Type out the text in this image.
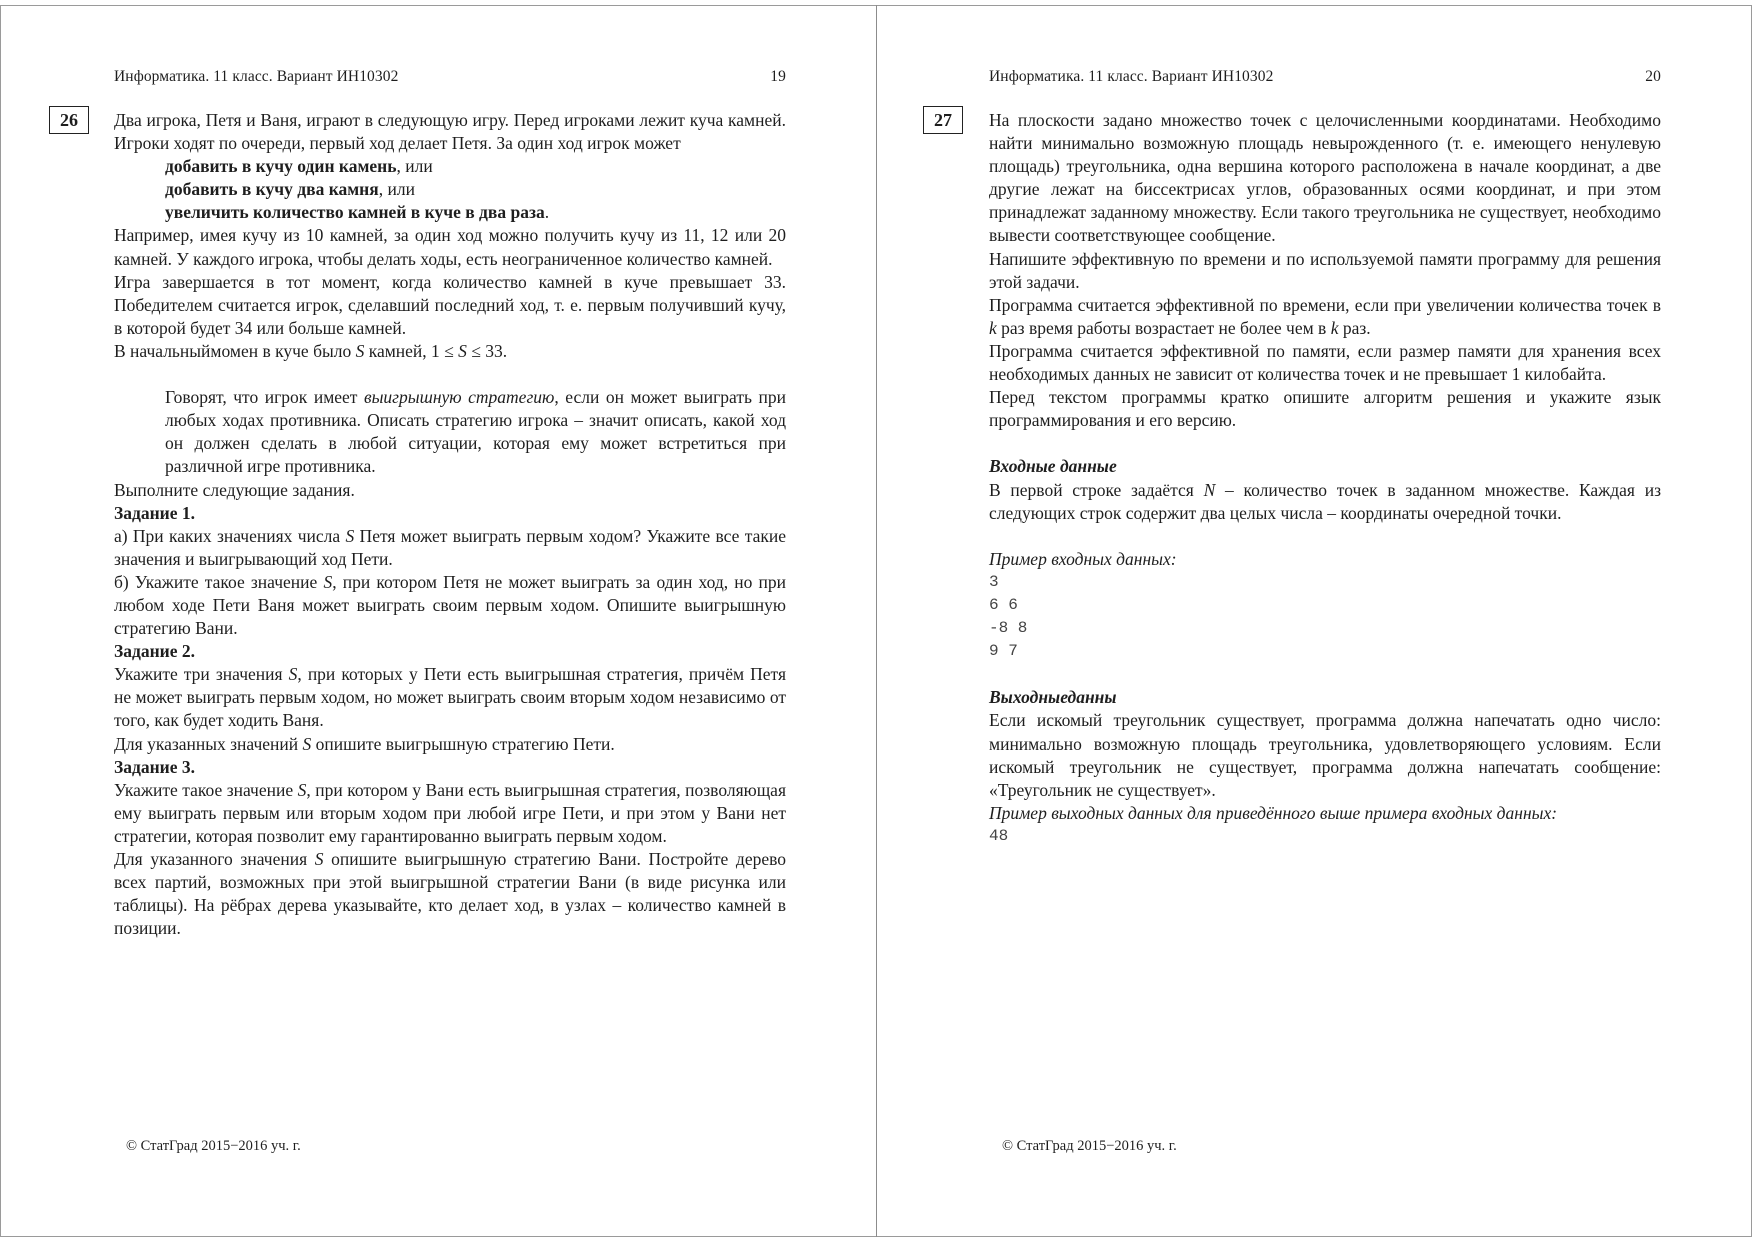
Информатика. 11 класс. Вариант ИН10302	19
26	Два игрока, Петя и Ваня, играют в следующую игру. Перед игроками лежит куча камней. Игроки ходят по очереди, первый ход делает Петя. За один ход игрок может

добавить в кучу один камень, или

добавить в кучу два камня, или

увеличить количество камней в куче в два раза.

Например, имея кучу из 10 камней, за один ход можно получить кучу из 11, 12 или 20 камней. У каждого игрока, чтобы делать ходы, есть неограниченное количество камней.

Игра завершается в тот момент, когда количество камней в куче превышает 33. Победителем считается игрок, сделавший последний ход, т. е. первым получивший кучу, в которой будет 34 или больше камней.

В начальныймомен в куче было S камней, 1 ≤ S ≤ 33.

Говорят, что игрок имеет выигрышную стратегию, если он может выиграть при любых ходах противника. Описать стратегию игрока – значит описать, какой ход он должен сделать в любой ситуации, которая ему может встретиться при различной игре противника.

Выполните следующие задания.

Задание 1.

а) При каких значениях числа S Петя может выиграть первым ходом? Укажите все такие значения и выигрывающий ход Пети.

б) Укажите такое значение S, при котором Петя не может выиграть за один ход, но при любом ходе Пети Ваня может выиграть своим первым ходом. Опишите выигрышную стратегию Вани.

Задание 2.

Укажите три значения S, при которых у Пети есть выигрышная стратегия, причём Петя не может выиграть первым ходом, но может выиграть своим вторым ходом независимо от того, как будет ходить Ваня.

Для указанных значений S опишите выигрышную стратегию Пети.

Задание 3.

Укажите такое значение S, при котором у Вани есть выигрышная стратегия, позволяющая ему выиграть первым или вторым ходом при любой игре Пети, и при этом у Вани нет стратегии, которая позволит ему гарантированно выиграть первым ходом.

Для указанного значения S опишите выигрышную стратегию Вани. Постройте дерево всех партий, возможных при этой выигрышной стратегии Вани (в виде рисунка или таблицы). На рёбрах дерева указывайте, кто делает ход, в узлах – количество камней в позиции.

© СтатГрад 2015−2016 уч. г.
Информатика. 11 класс. Вариант ИН10302	20
27	На плоскости задано множество точек с целочисленными координатами. Необходимо найти минимально возможную площадь невырожденного (т. е. имеющего ненулевую площадь) треугольника, одна вершина которого расположена в начале координат, а две другие лежат на биссектрисах углов, образованных осями координат, и при этом принадлежат заданному множеству. Если такого треугольника не существует, необходимо вывести соответствующее сообщение.

Напишите эффективную по времени и по используемой памяти программу для решения этой задачи.

Программа считается эффективной по времени, если при увеличении количества точек в k раз время работы возрастает не более чем в k раз.

Программа считается эффективной по памяти, если размер памяти для хранения всех необходимых данных не зависит от количества точек и не превышает 1 килобайта.

Перед текстом программы кратко опишите алгоритм решения и укажите язык программирования и его версию.

Входные данные

В первой строке задаётся N – количество точек в заданном множестве. Каждая из следующих строк содержит два целых числа – координаты очередной точки.

Пример входных данных:

3

6 6

-8 8

9 7

Выходныеданны

Если искомый треугольник существует, программа должна напечатать одно число: минимально возможную площадь треугольника, удовлетворяющего условиям. Если искомый треугольник не существует, программа должна напечатать сообщение: «Треугольник не существует».

Пример выходных данных для приведённого выше примера входных данных:

48

© СтатГрад 2015−2016 уч. г.
